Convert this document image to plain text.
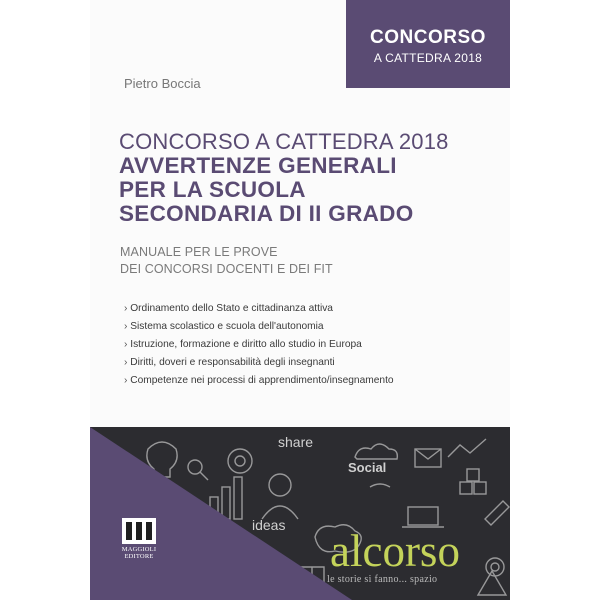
CONCORSO
A CATTEDRA 2018
Pietro Boccia
CONCORSO A CATTEDRA 2018
AVVERTENZE GENERALI
PER LA SCUOLA
SECONDARIA DI II GRADO
MANUALE PER LE PROVE
DEI CONCORSI DOCENTI E DEI FIT
› Ordinamento dello Stato e cittadinanza attiva
› Sistema scolastico e scuola dell'autonomia
› Istruzione, formazione e diritto allo studio in Europa
› Diritti, doveri e responsabilità degli insegnanti
› Competenze nei processi di apprendimento/insegnamento
share
Social
ideas
MAGGIOLI
EDITORE	alcorso
le storie si fanno... spazio
